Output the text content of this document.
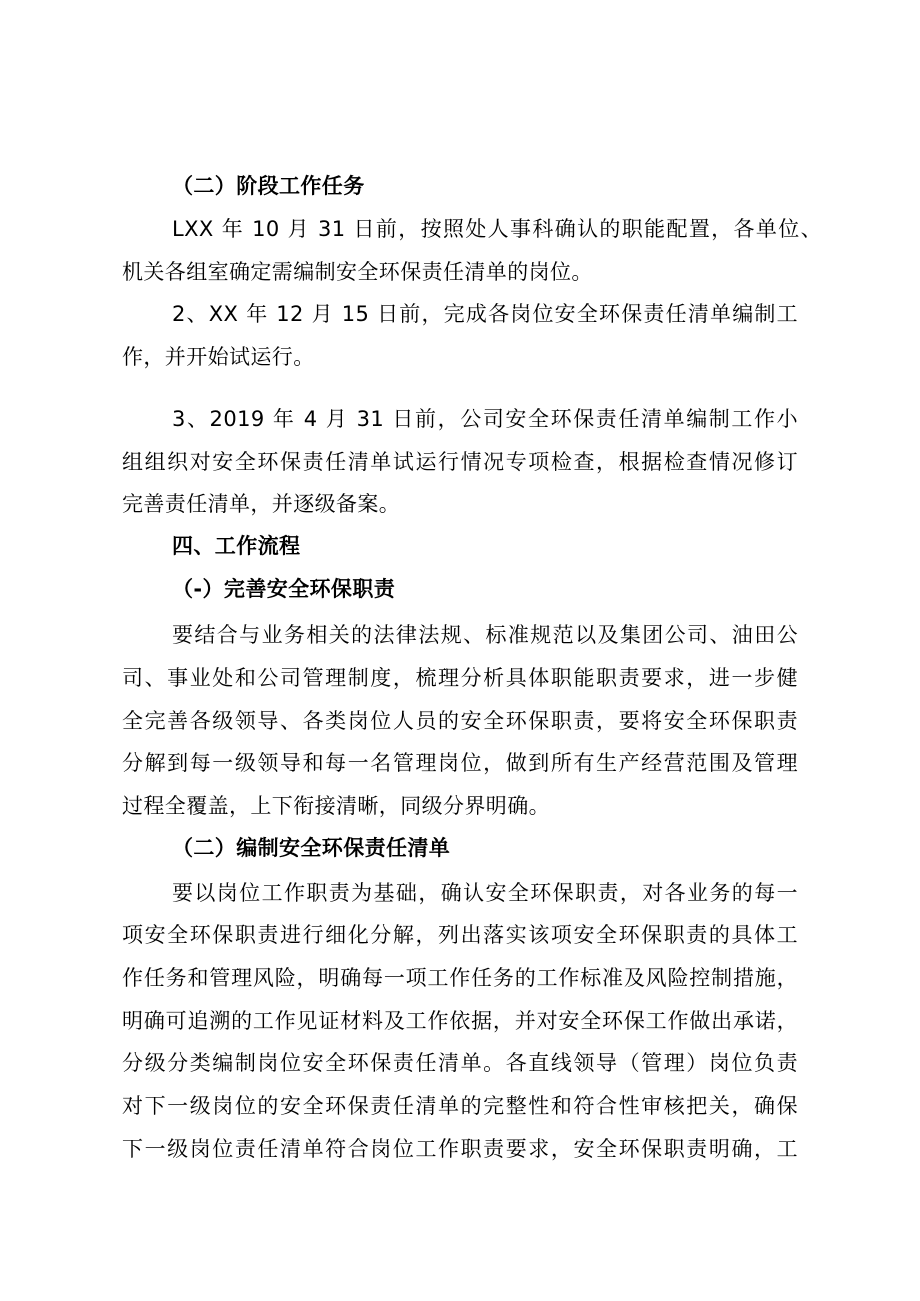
（二）阶段工作任务
LXX 年 10 月 31 日前，按照处人事科确认的职能配置，各单位、
机关各组室确定需编制安全环保责任清单的岗位。
2、XX 年 12 月 15 日前，完成各岗位安全环保责任清单编制工
作，并开始试运行。
3、2019 年 4 月 31 日前，公司安全环保责任清单编制工作小
组组织对安全环保责任清单试运行情况专项检查，根据检查情况修订
完善责任清单，并逐级备案。
四、工作流程
（-）完善安全环保职责
要结合与业务相关的法律法规、标准规范以及集团公司、油田公
司、事业处和公司管理制度，梳理分析具体职能职责要求，进一步健
全完善各级领导、各类岗位人员的安全环保职责，要将安全环保职责
分解到每一级领导和每一名管理岗位，做到所有生产经营范围及管理
过程全覆盖，上下衔接清晰，同级分界明确。
（二）编制安全环保责任清单
要以岗位工作职责为基础，确认安全环保职责，对各业务的每一
项安全环保职责进行细化分解，列出落实该项安全环保职责的具体工
作任务和管理风险，明确每一项工作任务的工作标准及风险控制措施，
明确可追溯的工作见证材料及工作依据，并对安全环保工作做出承诺，
分级分类编制岗位安全环保责任清单。各直线领导（管理）岗位负责
对下一级岗位的安全环保责任清单的完整性和符合性审核把关，确保
下一级岗位责任清单符合岗位工作职责要求，安全环保职责明确，工
